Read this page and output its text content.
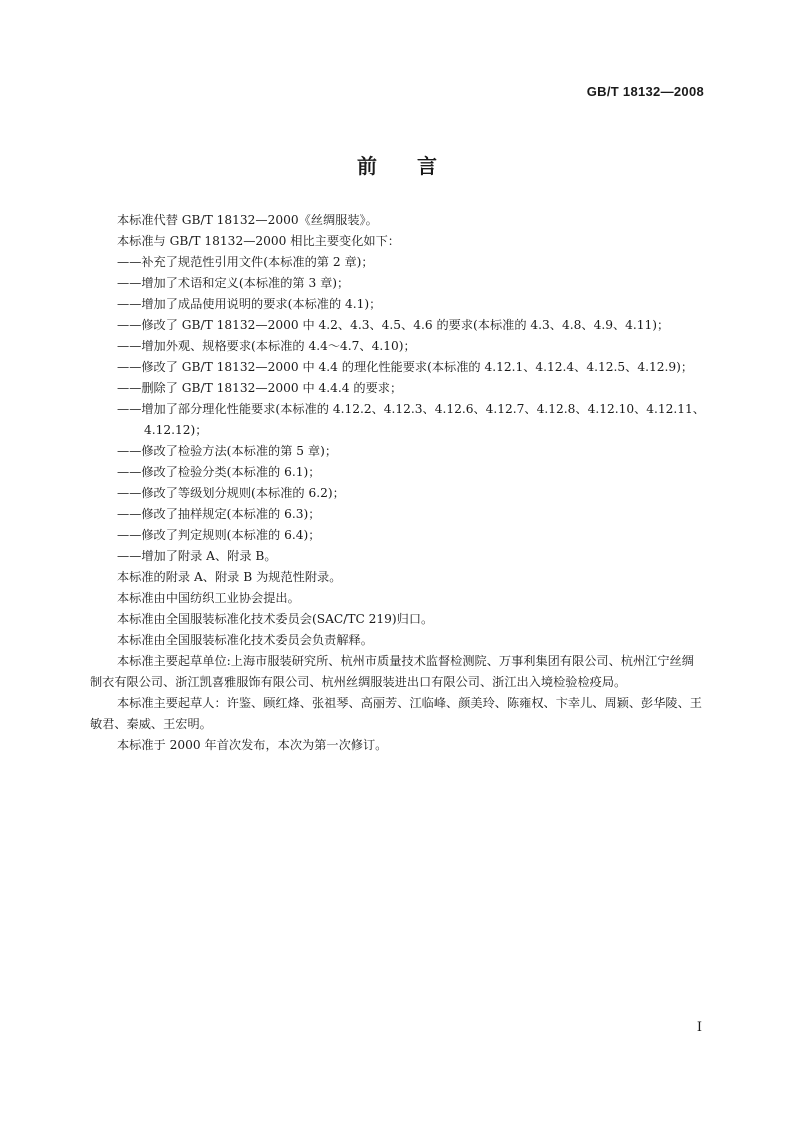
GB/T 18132—2008
前言

本标准代替 GB/T 18132—2000《丝绸服装》。

本标准与 GB/T 18132—2000 相比主要变化如下：

——补充了规范性引用文件(本标准的第 2 章)；

——增加了术语和定义(本标准的第 3 章)；

——增加了成品使用说明的要求(本标准的 4.1)；

——修改了 GB/T 18132—2000 中 4.2、4.3、4.5、4.6 的要求(本标准的 4.3、4.8、4.9、4.11)；

——增加外观、规格要求(本标准的 4.4～4.7、4.10)；

——修改了 GB/T 18132—2000 中 4.4 的理化性能要求(本标准的 4.12.1、4.12.4、4.12.5、4.12.9)；

——删除了 GB/T 18132—2000 中 4.4.4 的要求；

——增加了部分理化性能要求(本标准的 4.12.2、4.12.3、4.12.6、4.12.7、4.12.8、4.12.10、4.12.11、4.12.12)；

——修改了检验方法(本标准的第 5 章)；

——修改了检验分类(本标准的 6.1)；

——修改了等级划分规则(本标准的 6.2)；

——修改了抽样规定(本标准的 6.3)；

——修改了判定规则(本标准的 6.4)；

——增加了附录 A、附录 B。

本标准的附录 A、附录 B 为规范性附录。

本标准由中国纺织工业协会提出。

本标准由全国服装标准化技术委员会(SAC/TC 219)归口。

本标准由全国服装标准化技术委员会负责解释。

本标准主要起草单位:上海市服装研究所、杭州市质量技术监督检测院、万事利集团有限公司、杭州江宁丝绸制衣有限公司、浙江凯喜雅服饰有限公司、杭州丝绸服装进出口有限公司、浙江出入境检验检疫局。

本标准主要起草人：许鉴、顾红烽、张祖琴、高丽芳、江临峰、颜美玲、陈雍权、卞幸儿、周颖、彭华陵、王敏君、秦威、王宏明。

本标准于 2000 年首次发布，本次为第一次修订。

I
